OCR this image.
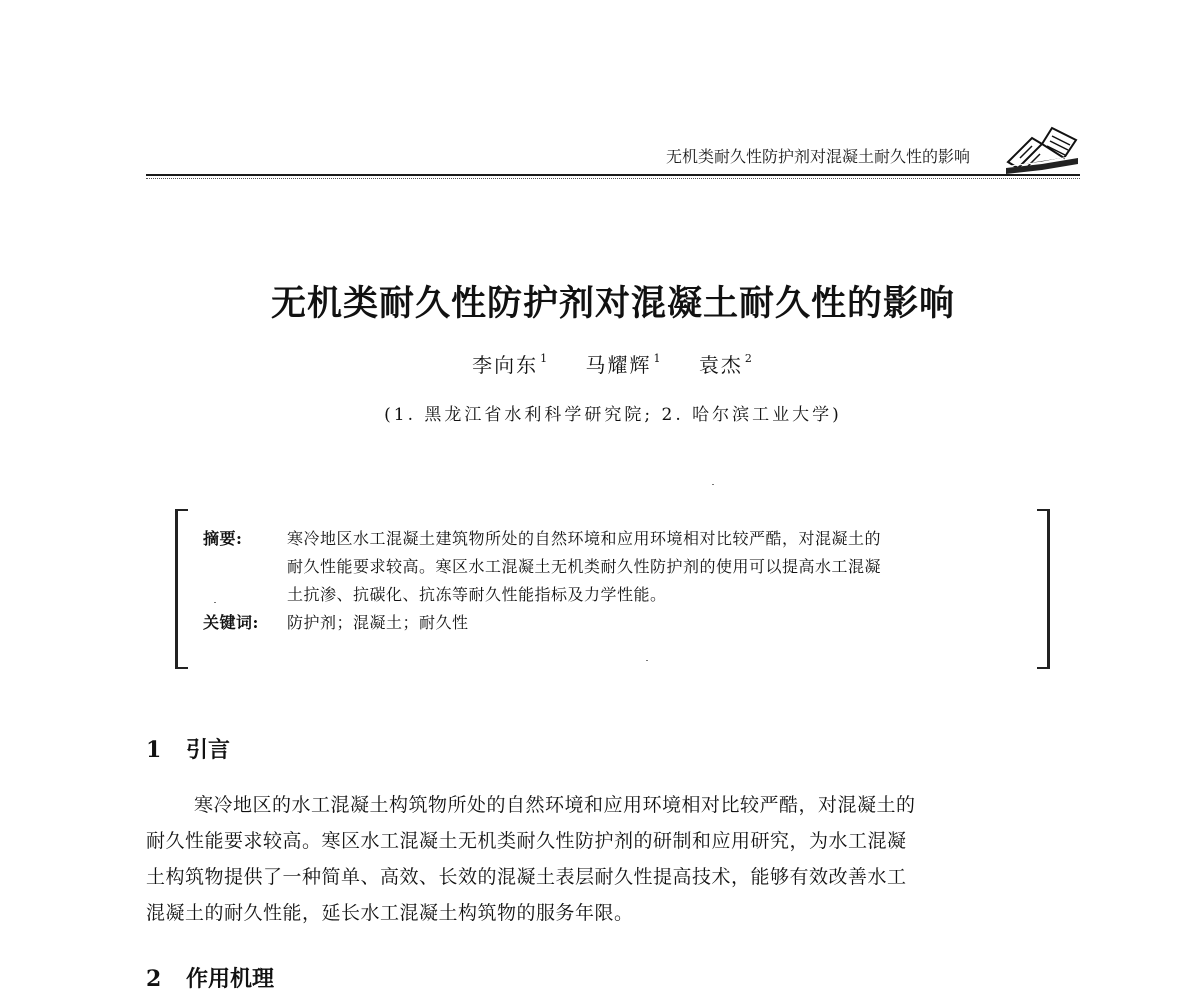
无机类耐久性防护剂对混凝土耐久性的影响
无机类耐久性防护剂对混凝土耐久性的影响
李向东 $^1$ 马耀辉 $^1$ 袁杰 $^2$
(1. 黑龙江省水利科学研究院; 2. 哈尔滨工业大学)
摘要:	寒冷地区水工混凝土建筑物所处的自然环境和应用环境相对比较严酷，对混凝土的
耐久性能要求较高。寒区水工混凝土无机类耐久性防护剂的使用可以提高水工混凝
土抗渗、抗碳化、抗冻等耐久性能指标及力学性能。
关键词: 防护剂；混凝土；耐久性
1 引言
寒冷地区的水工混凝土构筑物所处的自然环境和应用环境相对比较严酷，对混凝土的
耐久性能要求较高。寒区水工混凝土无机类耐久性防护剂的研制和应用研究，为水工混凝
土构筑物提供了一种简单、高效、长效的混凝土表层耐久性提高技术，能够有效改善水工
混凝土的耐久性能，延长水工混凝土构筑物的服务年限。
2 作用机理
